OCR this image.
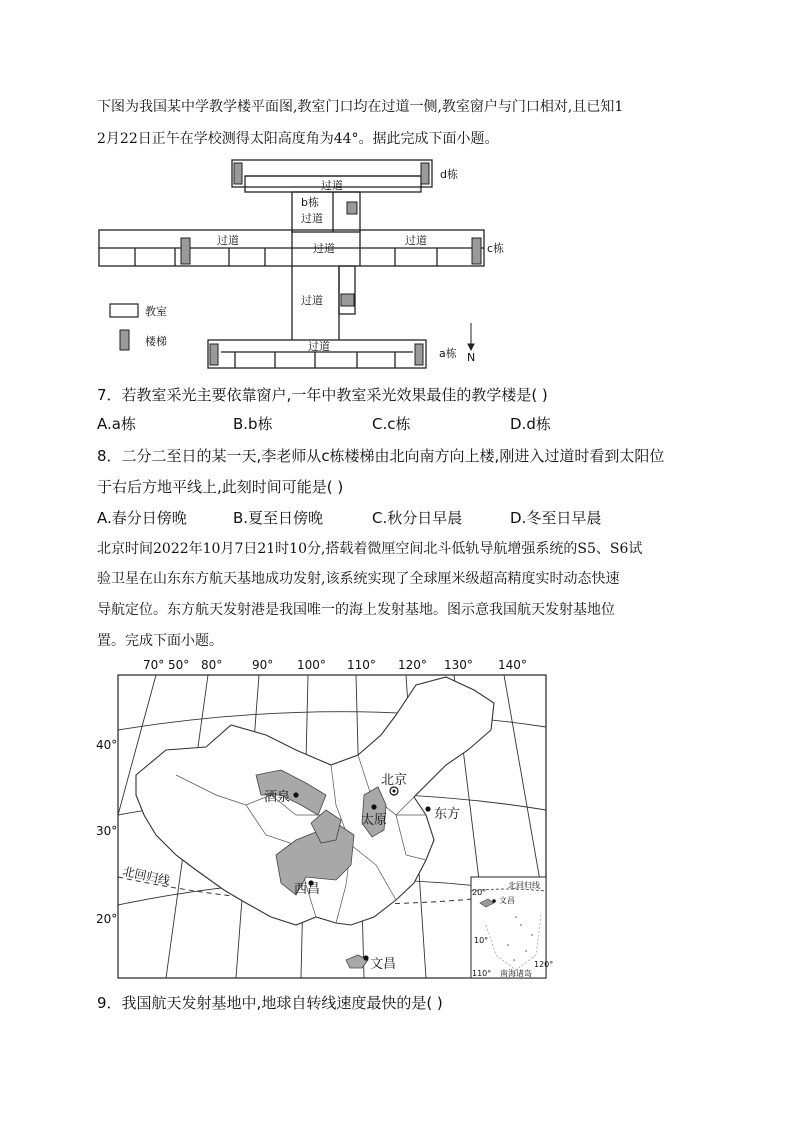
下图为我国某中学教学楼平面图,教室门口均在过道一侧,教室窗户与门口相对,且已知1
2月22日正午在学校测得太阳高度角为44°。据此完成下面小题。
过道
d栋
b栋
过道
过道
过道
过道
c栋
过道
过道
a栋
教室
楼梯
N
7．若教室采光主要依靠窗户,一年中教室采光效果最佳的教学楼是( )
A.a栋	B.b栋	C.c栋	D.d栋
8．二分二至日的某一天,李老师从c栋楼梯由北向南方向上楼,刚进入过道时看到太阳位
于右后方地平线上,此刻时间可能是( )
A.春分日傍晚	B.夏至日傍晚	C.秋分日早晨	D.冬至日早晨
北京时间2022年10月7日21时10分,搭载着微厘空间北斗低轨导航增强系统的S5、S6试
验卫星在山东东方航天基地成功发射,该系统实现了全球厘米级超高精度实时动态快速
导航定位。东方航天发射港是我国唯一的海上发射基地。图示意我国航天发射基地位
置。完成下面小题。
70° 50° 80° 90° 100° 110° 120° 130° 140°
40°
30°
20°
北回归线
北京
酒泉
太原	东方
西昌
文昌
20°
北回归线
文昌
10°
120°
110° 南海诸岛
9．我国航天发射基地中,地球自转线速度最快的是( )
